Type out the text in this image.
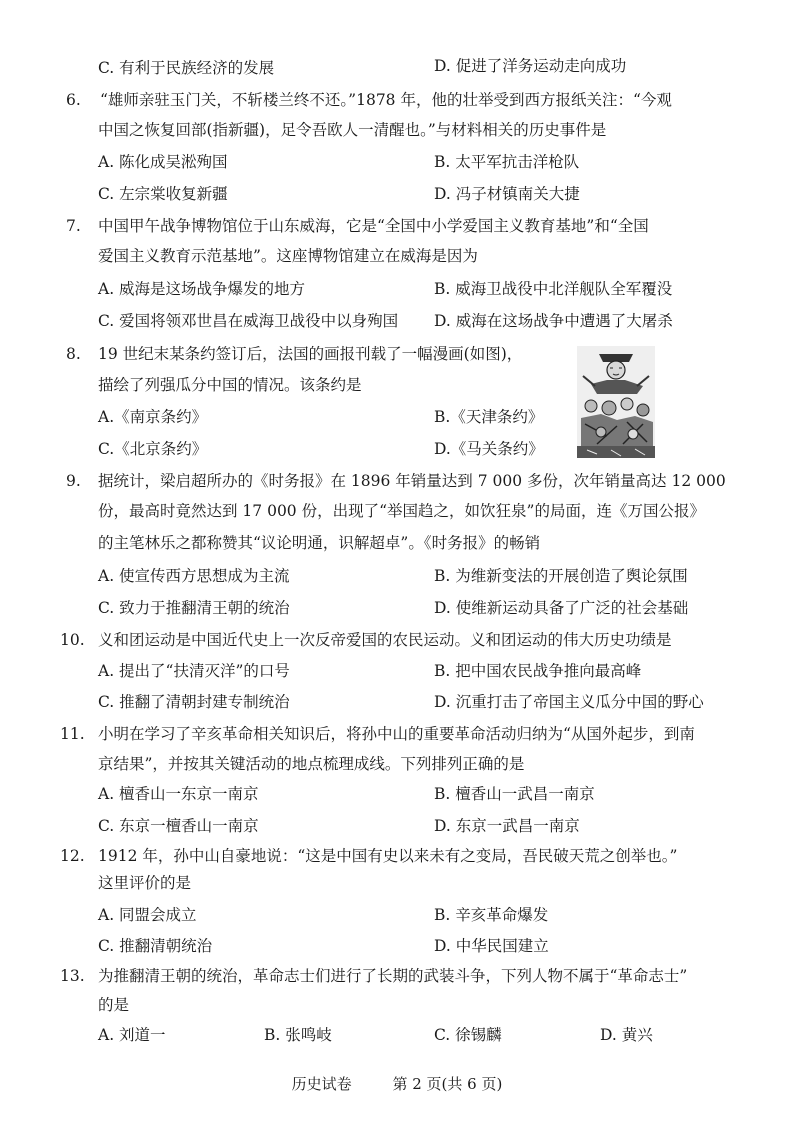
C. 有利于民族经济的发展	D. 促进了洋务运动走向成功
6. “雄师亲驻玉门关，不斩楼兰终不还。”1878 年，他的壮举受到西方报纸关注：“今观
中国之恢复回部(指新疆)，足令吾欧人一清醒也。”与材料相关的历史事件是
A. 陈化成吴淞殉国	B. 太平军抗击洋枪队
C. 左宗棠收复新疆	D. 冯子材镇南关大捷
7. 中国甲午战争博物馆位于山东威海，它是“全国中小学爱国主义教育基地”和“全国
爱国主义教育示范基地”。这座博物馆建立在威海是因为
A. 威海是这场战争爆发的地方	B. 威海卫战役中北洋舰队全军覆没
C. 爱国将领邓世昌在威海卫战役中以身殉国 D. 威海在这场战争中遭遇了大屠杀
8. 19 世纪末某条约签订后，法国的画报刊载了一幅漫画(如图)，
描绘了列强瓜分中国的情况。该条约是
A.《南京条约》	B.《天津条约》
C.《北京条约》	D.《马关条约》
9. 据统计，梁启超所办的《时务报》在 1896 年销量达到 7 000 多份，次年销量高达 12 000
份，最高时竟然达到 17 000 份，出现了“举国趋之，如饮狂泉”的局面，连《万国公报》
的主笔林乐之都称赞其“议论明通，识解超卓”。《时务报》的畅销
A. 使宣传西方思想成为主流	B. 为维新变法的开展创造了舆论氛围
C. 致力于推翻清王朝的统治	D. 使维新运动具备了广泛的社会基础
10. 义和团运动是中国近代史上一次反帝爱国的农民运动。义和团运动的伟大历史功绩是
A. 提出了“扶清灭洋”的口号	B. 把中国农民战争推向最高峰
C. 推翻了清朝封建专制统治	D. 沉重打击了帝国主义瓜分中国的野心
11. 小明在学习了辛亥革命相关知识后，将孙中山的重要革命活动归纳为“从国外起步，到南
京结果”，并按其关键活动的地点梳理成线。下列排列正确的是
A. 檀香山一东京一南京	B. 檀香山一武昌一南京
C. 东京一檀香山一南京	D. 东京一武昌一南京
12. 1912 年，孙中山自豪地说：“这是中国有史以来未有之变局，吾民破天荒之创举也。”
这里评价的是
A. 同盟会成立	B. 辛亥革命爆发
C. 推翻清朝统治	D. 中华民国建立
13. 为推翻清王朝的统治，革命志士们进行了长期的武装斗争，下列人物不属于“革命志士”
的是
A. 刘道一	B. 张鸣岐	C. 徐锡麟	D. 黄兴
历史试卷	第 2 页(共 6 页)
